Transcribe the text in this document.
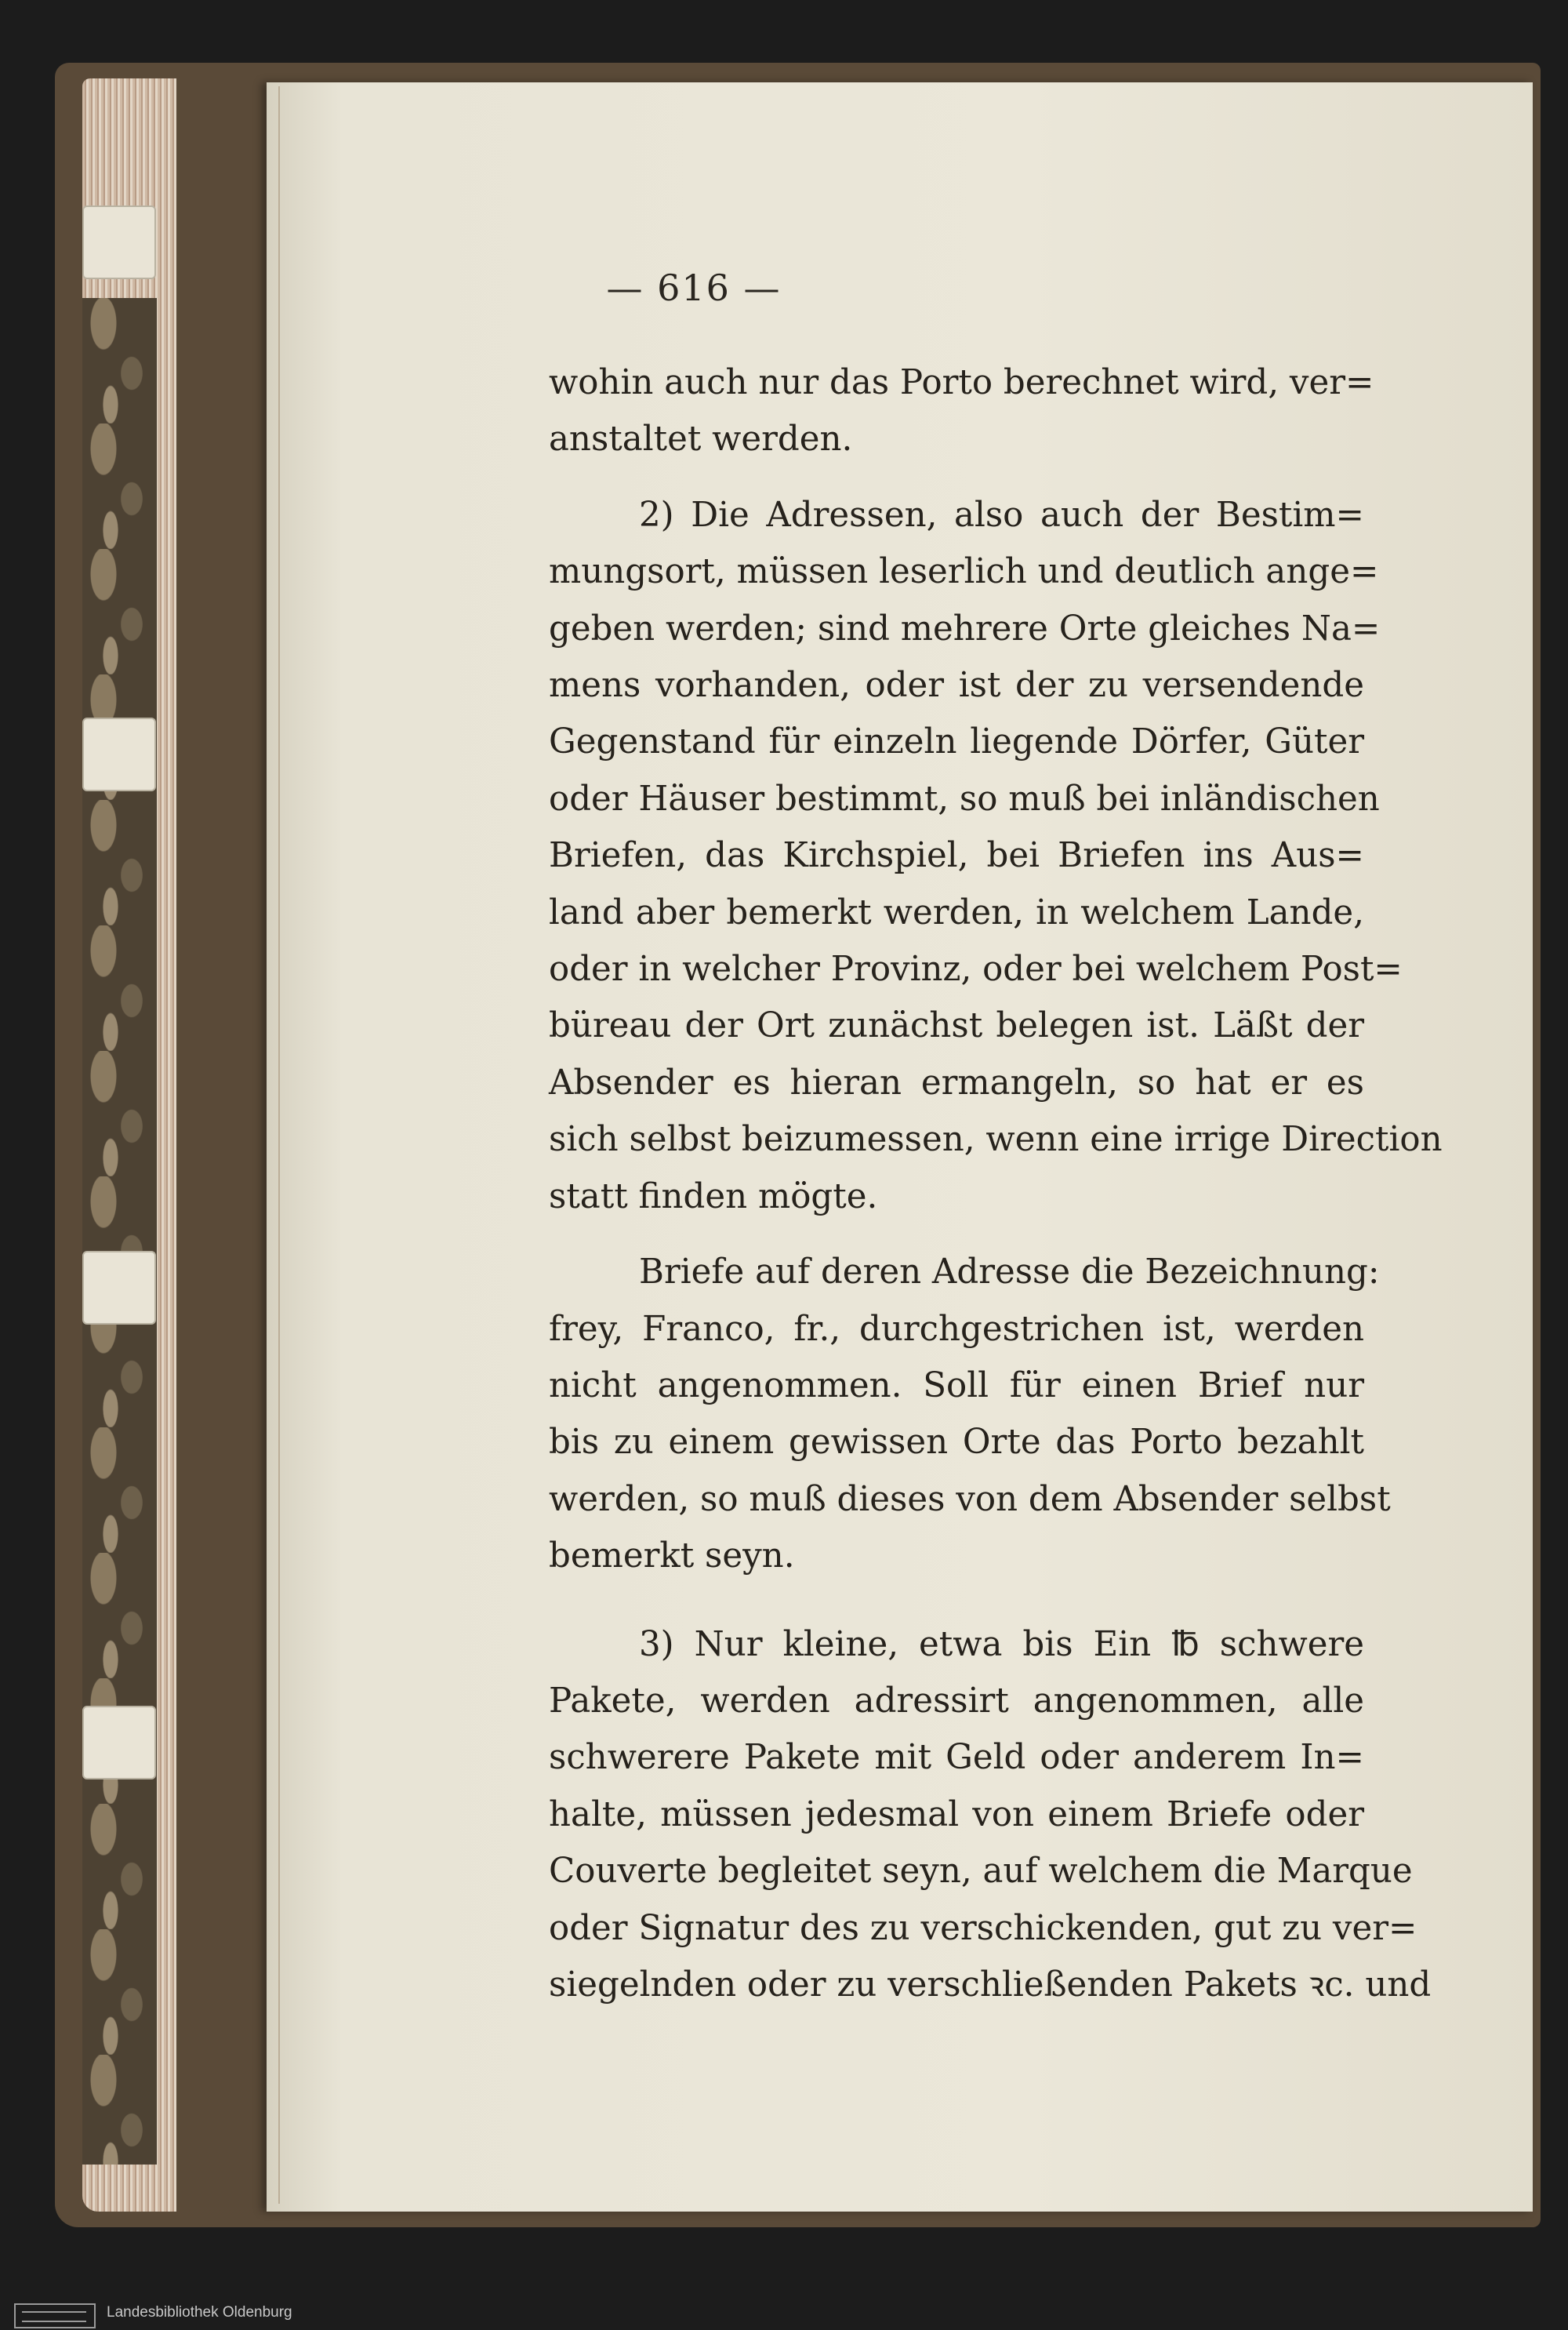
— 616 —
wohin auch nur das Porto berechnet wird, ver=
anstaltet werden.
2) Die Adressen, also auch der Bestim=
mungsort, müssen leserlich und deutlich ange=
geben werden; sind mehrere Orte gleiches Na=
mens vorhanden, oder ist der zu versendende
Gegenstand für einzeln liegende Dörfer, Güter
oder Häuser bestimmt, so muß bei inländischen
Briefen, das Kirchspiel, bei Briefen ins Aus=
land aber bemerkt werden, in welchem Lande,
oder in welcher Provinz, oder bei welchem Post=
büreau der Ort zunächst belegen ist. Läßt der
Absender es hieran ermangeln, so hat er es
sich selbst beizumessen, wenn eine irrige Direction
statt finden mögte.
Briefe auf deren Adresse die Bezeichnung:
frey, Franco, fr., durchgestrichen ist, werden
nicht angenommen. Soll für einen Brief nur
bis zu einem gewissen Orte das Porto bezahlt
werden, so muß dieses von dem Absender selbst
bemerkt seyn.
3) Nur kleine, etwa bis Ein ℔ schwere
Pakete, werden adressirt angenommen, alle
schwerere Pakete mit Geld oder anderem In=
halte, müssen jedesmal von einem Briefe oder
Couverte begleitet seyn, auf welchem die Marque
oder Signatur des zu verschickenden, gut zu ver=
siegelnden oder zu verschließenden Pakets ꝛc. und
Landesbibliothek Oldenburg
